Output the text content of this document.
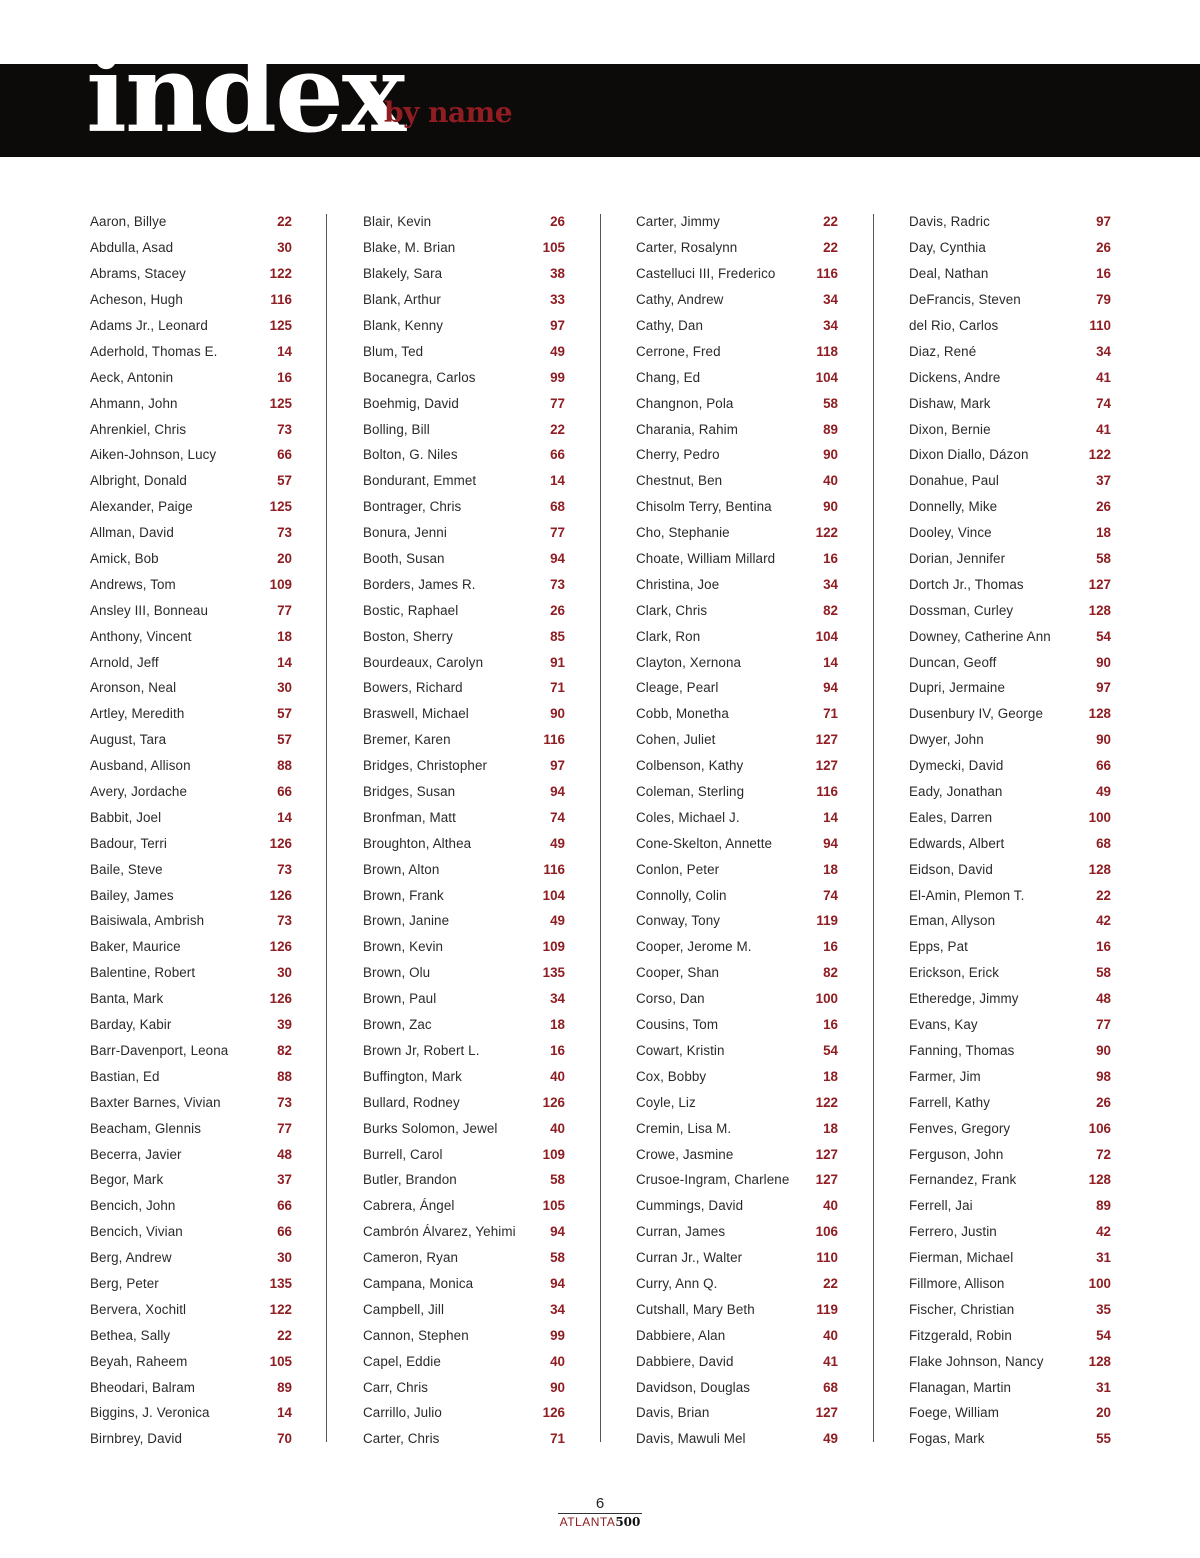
index
by name
Aaron, Billye	22
Abdulla, Asad	30
Abrams, Stacey	122
Acheson, Hugh	116
Adams Jr., Leonard	125
Aderhold, Thomas E.	14
Aeck, Antonin	16
Ahmann, John	125
Ahrenkiel, Chris	73
Aiken-Johnson, Lucy	66
Albright, Donald	57
Alexander, Paige	125
Allman, David	73
Amick, Bob	20
Andrews, Tom	109
Ansley III, Bonneau	77
Anthony, Vincent	18
Arnold, Jeff	14
Aronson, Neal	30
Artley, Meredith	57
August, Tara	57
Ausband, Allison	88
Avery, Jordache	66
Babbit, Joel	14
Badour, Terri	126
Baile, Steve	73
Bailey, James	126
Baisiwala, Ambrish	73
Baker, Maurice	126
Balentine, Robert	30
Banta, Mark	126
Barday, Kabir	39
Barr-Davenport, Leona	82
Bastian, Ed	88
Baxter Barnes, Vivian	73
Beacham, Glennis	77
Becerra, Javier	48
Begor, Mark	37
Bencich, John	66
Bencich, Vivian	66
Berg, Andrew	30
Berg, Peter	135
Bervera, Xochitl	122
Bethea, Sally	22
Beyah, Raheem	105
Bheodari, Balram	89
Biggins, J. Veronica	14
Birnbrey, David	70
Blair, Kevin	26
Blake, M. Brian	105
Blakely, Sara	38
Blank, Arthur	33
Blank, Kenny	97
Blum, Ted	49
Bocanegra, Carlos	99
Boehmig, David	77
Bolling, Bill	22
Bolton, G. Niles	66
Bondurant, Emmet	14
Bontrager, Chris	68
Bonura, Jenni	77
Booth, Susan	94
Borders, James R.	73
Bostic, Raphael	26
Boston, Sherry	85
Bourdeaux, Carolyn	91
Bowers, Richard	71
Braswell, Michael	90
Bremer, Karen	116
Bridges, Christopher	97
Bridges, Susan	94
Bronfman, Matt	74
Broughton, Althea	49
Brown, Alton	116
Brown, Frank	104
Brown, Janine	49
Brown, Kevin	109
Brown, Olu	135
Brown, Paul	34
Brown, Zac	18
Brown Jr, Robert L.	16
Buffington, Mark	40
Bullard, Rodney	126
Burks Solomon, Jewel	40
Burrell, Carol	109
Butler, Brandon	58
Cabrera, Ángel	105
Cambrón Álvarez, Yehimi	94
Cameron, Ryan	58
Campana, Monica	94
Campbell, Jill	34
Cannon, Stephen	99
Capel, Eddie	40
Carr, Chris	90
Carrillo, Julio	126
Carter, Chris	71
Carter, Jimmy	22
Carter, Rosalynn	22
Castelluci III, Frederico	116
Cathy, Andrew	34
Cathy, Dan	34
Cerrone, Fred	118
Chang, Ed	104
Changnon, Pola	58
Charania, Rahim	89
Cherry, Pedro	90
Chestnut, Ben	40
Chisolm Terry, Bentina	90
Cho, Stephanie	122
Choate, William Millard	16
Christina, Joe	34
Clark, Chris	82
Clark, Ron	104
Clayton, Xernona	14
Cleage, Pearl	94
Cobb, Monetha	71
Cohen, Juliet	127
Colbenson, Kathy	127
Coleman, Sterling	116
Coles, Michael J.	14
Cone-Skelton, Annette	94
Conlon, Peter	18
Connolly, Colin	74
Conway, Tony	119
Cooper, Jerome M.	16
Cooper, Shan	82
Corso, Dan	100
Cousins, Tom	16
Cowart, Kristin	54
Cox, Bobby	18
Coyle, Liz	122
Cremin, Lisa M.	18
Crowe, Jasmine	127
Crusoe-Ingram, Charlene 127
Cummings, David	40
Curran, James	106
Curran Jr., Walter	110
Curry, Ann Q.	22
Cutshall, Mary Beth	119
Dabbiere, Alan	40
Dabbiere, David	41
Davidson, Douglas	68
Davis, Brian	127
Davis, Mawuli Mel	49
Davis, Radric	97
Day, Cynthia	26
Deal, Nathan	16
DeFrancis, Steven	79
del Rio, Carlos	110
Diaz, René	34
Dickens, Andre	41
Dishaw, Mark	74
Dixon, Bernie	41
Dixon Diallo, Dázon	122
Donahue, Paul	37
Donnelly, Mike	26
Dooley, Vince	18
Dorian, Jennifer	58
Dortch Jr., Thomas	127
Dossman, Curley	128
Downey, Catherine Ann	54
Duncan, Geoff	90
Dupri, Jermaine	97
Dusenbury IV, George	128
Dwyer, John	90
Dymecki, David	66
Eady, Jonathan	49
Eales, Darren	100
Edwards, Albert	68
Eidson, David	128
El-Amin, Plemon T.	22
Eman, Allyson	42
Epps, Pat	16
Erickson, Erick	58
Etheredge, Jimmy	48
Evans, Kay	77
Fanning, Thomas	90
Farmer, Jim	98
Farrell, Kathy	26
Fenves, Gregory	106
Ferguson, John	72
Fernandez, Frank	128
Ferrell, Jai	89
Ferrero, Justin	42
Fierman, Michael	31
Fillmore, Allison	100
Fischer, Christian	35
Fitzgerald, Robin	54
Flake Johnson, Nancy	128
Flanagan, Martin	31
Foege, William	20
Fogas, Mark	55
6
ATLANTA500
